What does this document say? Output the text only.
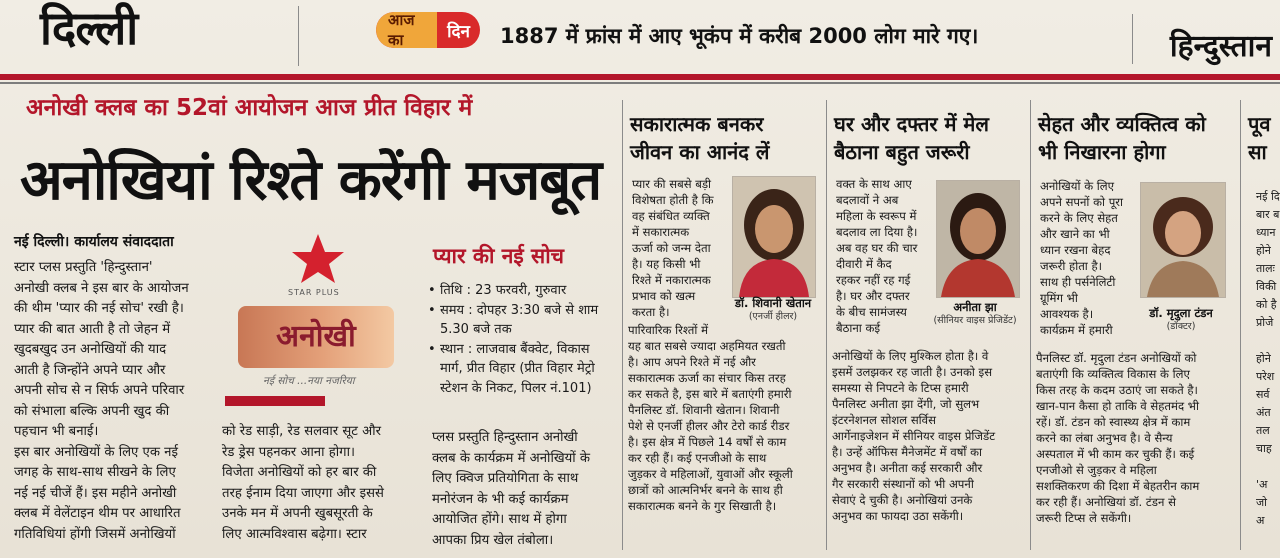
दिल्ली	आज का	दिन	1887 में फ्रांस में आए भूकंप में करीब 2000 लोग मारे गए।	हिन्दुस्तान
अनोखी क्लब का 52वां आयोजन आज प्रीत विहार में
अनोखियां रिश्ते करेंगी मजबूत
नई दिल्ली। कार्यालय संवाददाता

स्टार प्लस प्रस्तुति 'हिन्दुस्तान'

अनोखी क्लब ने इस बार के आयोजन

की थीम 'प्यार की नई सोच' रखी है।

प्यार की बात आती है तो जेहन में

खुदबखुद उन अनोखियों की याद

आती है जिन्होंने अपने प्यार और

अपनी सोच से न सिर्फ अपने परिवार

को संभाला बल्कि अपनी खुद की

पहचान भी बनाई।

इस बार अनोखियों के लिए एक नई

जगह के साथ-साथ सीखने के लिए

नई नई चीजें हैं। इस महीने अनोखी

क्लब में वेलेंटाइन थीम पर आधारित

गतिविधियां होंगी जिसमें अनोखियों

STAR PLUS
अनोखी
नई सोच ...नया नजरिया

को रेड साड़ी, रेड सलवार सूट और

रेड ड्रेस पहनकर आना होगा।

विजेता अनोखियों को हर बार की

तरह ईनाम दिया जाएगा और इससे

उनके मन में अपनी खुबसूरती के

लिए आत्मविश्वास बढ़ेगा। स्टार

प्यार की नई सोच
• तिथि : 23 फरवरी, गुरुवार
• समय : दोपहर 3:30 बजे से शाम 5.30 बजे तक
• स्थान : लाजवाब बैंक्वेट, विकास मार्ग, प्रीत विहार (प्रीत विहार मेट्रो स्टेशन के निकट, पिलर नं.101)

प्लस प्रस्तुति हिन्दुस्तान अनोखी

क्लब के कार्यक्रम में अनोखियों के

लिए क्विज प्रतियोगिता के साथ

मनोरंजन के भी कई कार्यक्रम

आयोजित होंगे। साथ में होगा

आपका प्रिय खेल तंबोला।

सकारात्मक बनकर
जीवन का आनंद लें

प्यार की सबसे बड़ी

विशेषता होती है कि

वह संबंधित व्यक्ति

में सकारात्मक

ऊर्जा को जन्म देता

है। यह किसी भी

रिश्ते में नकारात्मक

प्रभाव को खत्म

करता है।

डॉ. शिवानी खेतान
(एनर्जी हीलर)

पारिवारिक रिश्तों में

यह बात सबसे ज्यादा अहमियत रखती

है। आप अपने रिश्ते में नई और

सकारात्मक ऊर्जा का संचार किस तरह

कर सकते है, इस बारे में बताएंगी हमारी

पैनलिस्ट डॉ. शिवानी खेतान। शिवानी

पेशे से एनर्जी हीलर और टेरो कार्ड रीडर

है। इस क्षेत्र में पिछले 14 वर्षों से काम

कर रही हैं। कई एनजीओ के साथ

जुड़कर वे महिलाओं, युवाओं और स्कूली

छात्रों को आत्मनिर्भर बनने के साथ ही

सकारात्मक बनने के गुर सिखाती है।

घर और दफ्तर में मेल
बैठाना बहुत जरूरी

वक्त के साथ आए

बदलावों ने अब

महिला के स्वरूप में

बदलाव ला दिया है।

अब वह घर की चार

दीवारी में कैद

रहकर नहीं रह गई

है। घर और दफ्तर

के बीच सामंजस्य

बैठाना कई

अनीता झा
(सीनियर वाइस प्रेजिडेंट)

अनोखियों के लिए मुश्किल होता है। वे

इसमें उलझकर रह जाती है। उनको इस

समस्या से निपटने के टिप्स हमारी

पैनलिस्ट अनीता झा देंगी, जो सुलभ

इंटरनेशनल सोशल सर्विस

आर्गेनाइजेशन में सीनियर वाइस प्रेजिडेंट

है। उन्हें ऑफिस मैनेजमेंट में वर्षों का

अनुभव है। अनीता कई सरकारी और

गैर सरकारी संस्थानों को भी अपनी

सेवाएं दे चुकी है। अनोखियां उनके

अनुभव का फायदा उठा सकेंगी।

सेहत और व्यक्तित्व को
भी निखारना होगा

अनोखियों के लिए

अपने सपनों को पूरा

करने के लिए सेहत

और खाने का भी

ध्यान रखना बेहद

जरूरी होता है।

साथ ही पर्सनेलिटी

ग्रूमिंग भी

आवश्यक है।

कार्यक्रम में हमारी

डॉ. मृदुला टंडन
(डॉक्टर)

पैनलिस्ट डॉ. मृदुला टंडन अनोखियों को

बताएंगी कि व्यक्तित्व विकास के लिए

किस तरह के कदम उठाएं जा सकते है।

खान-पान कैसा हो ताकि वे सेहतमंद भी

रहें। डॉ. टंडन को स्वास्थ्य क्षेत्र में काम

करने का लंबा अनुभव है। वे सैन्य

अस्पताल में भी काम कर चुकी हैं। कई

एनजीओ से जुड़कर वे महिला

सशक्तिकरण की दिशा में बेहतरीन काम

कर रही हैं। अनोखियां डॉ. टंडन से

जरूरी टिप्स ले सकेंगी।

पूव
सा

नई दि

बार ब

ध्यान

होने

तालः

विकी

को है

प्रोजे

होने

परेश

सर्व

अंत

तल

चाह

'अ

जो

अ
